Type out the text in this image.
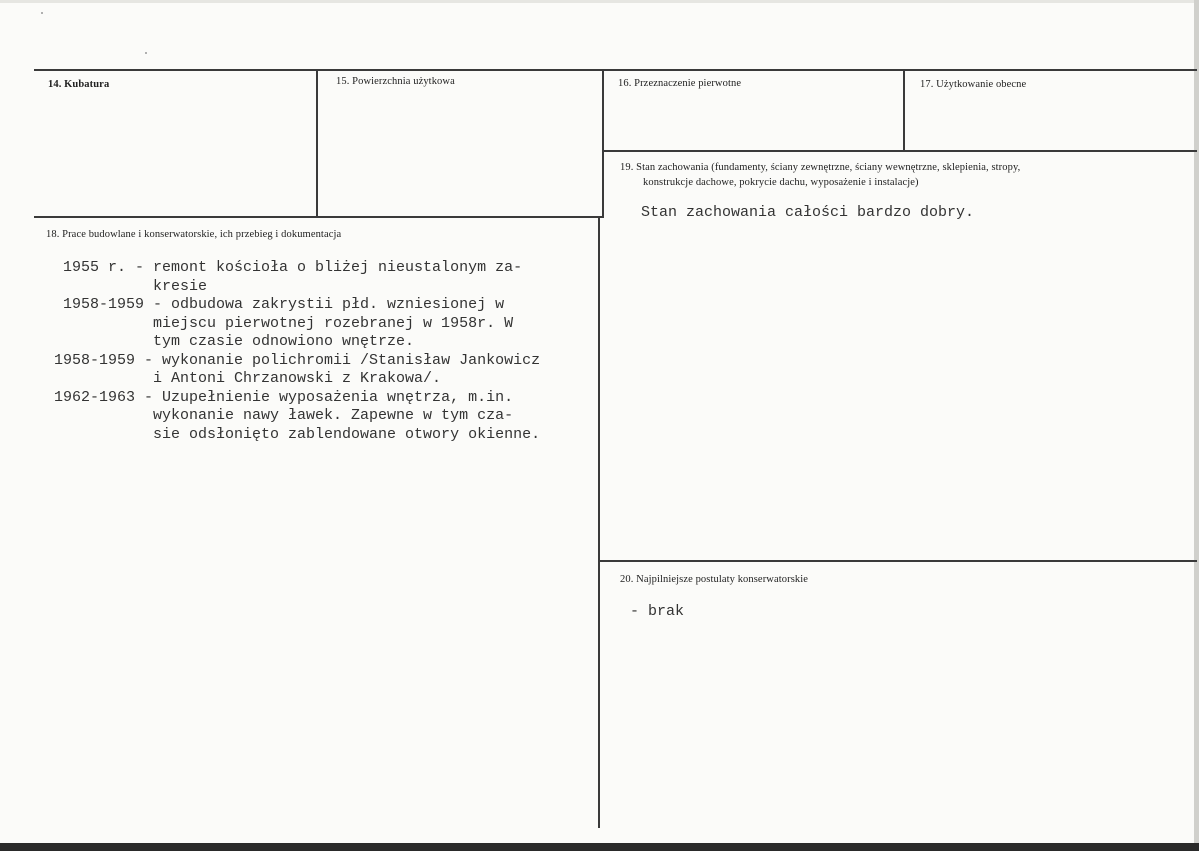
14. Kubatura	15. Powierzchnia użytkowa	16. Przeznaczenie pierwotne	17. Użytkowanie obecne
19. Stan zachowania (fundamenty, ściany zewnętrzne, ściany wewnętrzne, sklepienia, stropy,
konstrukcje dachowe, pokrycie dachu, wyposażenie i instalacje)
Stan zachowania całości bardzo dobry.
18. Prace budowlane i konserwatorskie, ich przebieg i dokumentacja
1955 r. - remont kościoła o bliżej nieustalonym za-
kresie
1958-1959 - odbudowa zakrystii płd. wzniesionej w
miejscu pierwotnej rozebranej w 1958r. W
tym czasie odnowiono wnętrze.
1958-1959 - wykonanie polichromii /Stanisław Jankowicz
i Antoni Chrzanowski z Krakowa/.
1962-1963 - Uzupełnienie wyposażenia wnętrza, m.in.
wykonanie nawy ławek. Zapewne w tym cza-
sie odsłonięto zablendowane otwory okienne.
20. Najpilniejsze postulaty konserwatorskie
- brak
